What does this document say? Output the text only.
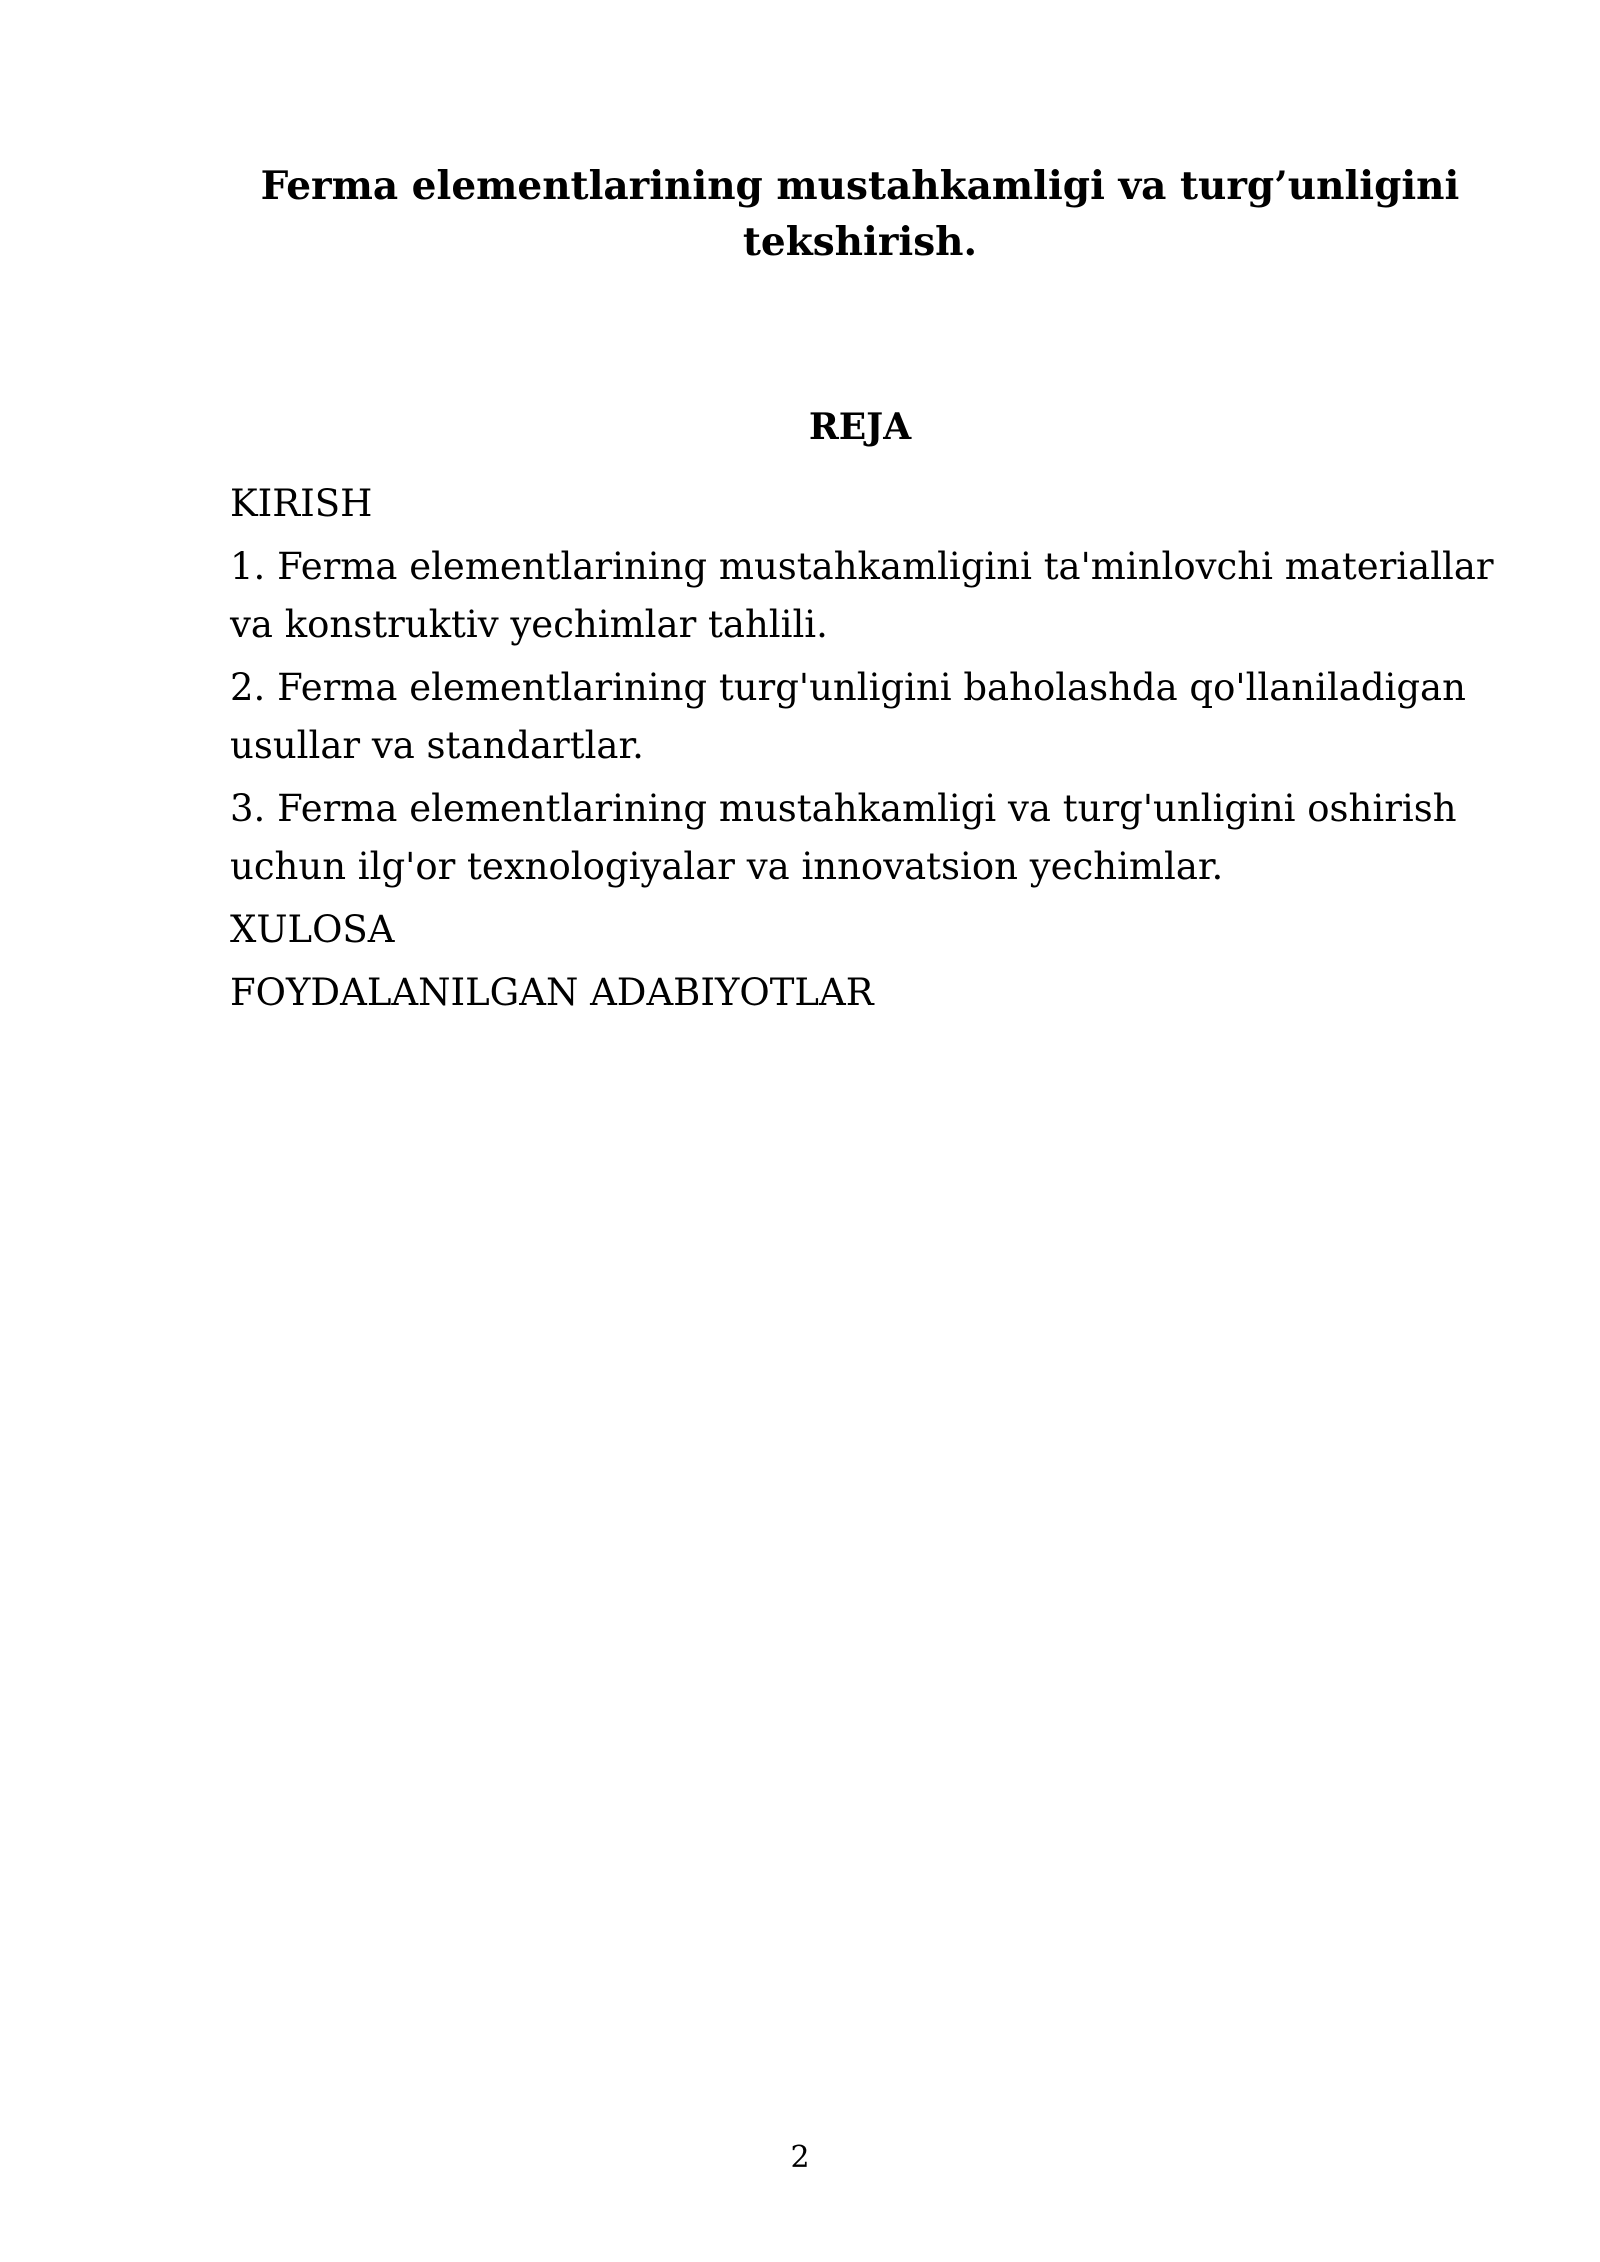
Ferma elementlarining mustahkamligi va turg’unligini tekshirish.
REJA
KIRISH
1. Ferma elementlarining mustahkamligini ta'minlovchi materiallar va konstruktiv yechimlar tahlili.
2. Ferma elementlarining turg'unligini baholashda qo'llaniladigan usullar va standartlar.
3. Ferma elementlarining mustahkamligi va turg'unligini oshirish uchun ilg'or texnologiyalar va innovatsion yechimlar.
XULOSA
FOYDALANILGAN ADABIYOTLAR
2
